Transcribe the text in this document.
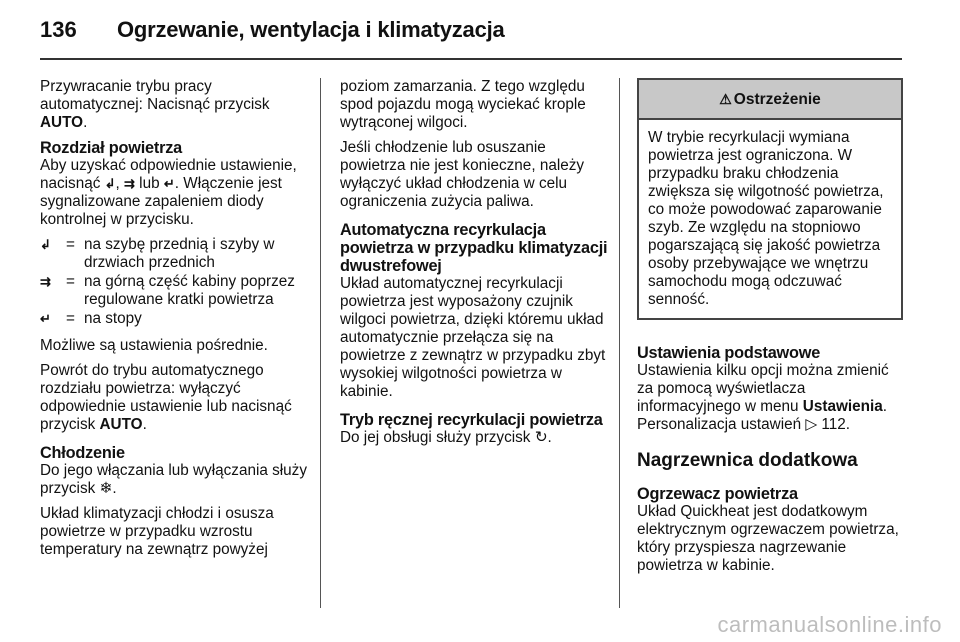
136 Ogrzewanie, wentylacja i klimatyzacja

Przywracanie trybu pracy automatycznej: Nacisnąć przycisk AUTO.

Rozdział powietrza

Aby uzyskać odpowiednie ustawienie, nacisnąć ↲, ⇉ lub ↵. Włączenie jest sygnalizowane zapaleniem diody kontrolnej w przycisku.

↲ = na szybę przednią i szyby w drzwiach przednich
⇉ = na górną część kabiny poprzez regulowane kratki powietrza
↵ = na stopy

Możliwe są ustawienia pośrednie.

Powrót do trybu automatycznego rozdziału powietrza: wyłączyć odpowiednie ustawienie lub nacisnąć przycisk AUTO.

Chłodzenie

Do jego włączania lub wyłączania służy przycisk ❄.

Układ klimatyzacji chłodzi i osusza powietrze w przypadku wzrostu temperatury na zewnątrz powyżej

poziom zamarzania. Z tego względu spod pojazdu mogą wyciekać krople wytrąconej wilgoci.

Jeśli chłodzenie lub osuszanie powietrza nie jest konieczne, należy wyłączyć układ chłodzenia w celu ograniczenia zużycia paliwa.

Automatyczna recyrkulacja powietrza w przypadku klimatyzacji dwustrefowej

Układ automatycznej recyrkulacji powietrza jest wyposażony czujnik wilgoci powietrza, dzięki któremu układ automatycznie przełącza się na powietrze z zewnątrz w przypadku zbyt wysokiej wilgotności powietrza w kabinie.

Tryb ręcznej recyrkulacji powietrza

Do jej obsługi służy przycisk ↻.

⚠ Ostrzeżenie
W trybie recyrkulacji wymiana powietrza jest ograniczona. W przypadku braku chłodzenia zwiększa się wilgotność powietrza, co może powodować zaparowanie szyb. Ze względu na stopniowo pogarszającą się jakość powietrza osoby przebywające we wnętrzu samochodu mogą odczuwać senność.
Ustawienia podstawowe

Ustawienia kilku opcji można zmienić za pomocą wyświetlacza informacyjnego w menu Ustawienia. Personalizacja ustawień ▷ 112.

Nagrzewnica dodatkowa
Ogrzewacz powietrza

Układ Quickheat jest dodatkowym elektrycznym ogrzewaczem powietrza, który przyspiesza nagrzewanie powietrza w kabinie.

carmanualsonline.info
